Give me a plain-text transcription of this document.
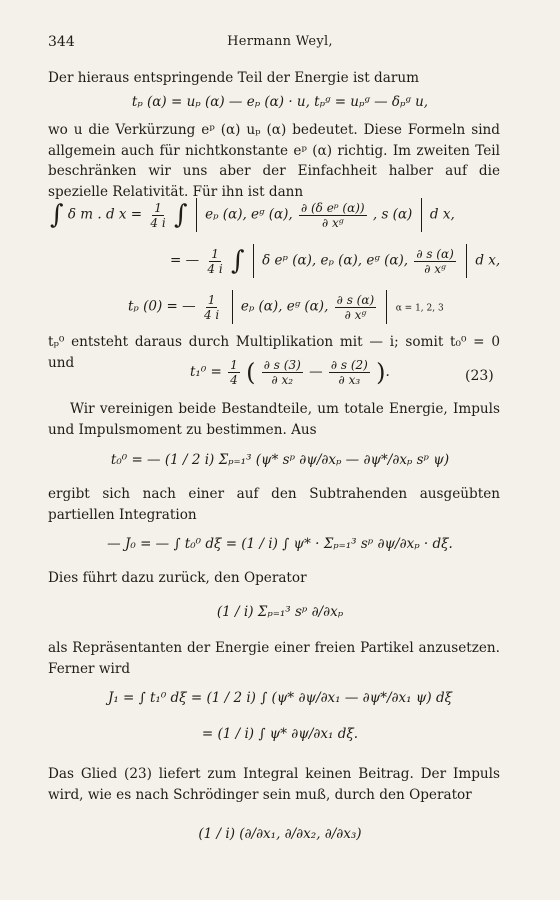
344	Hermann Weyl,
Der hieraus entspringende Teil der Energie ist darum
tₚ (α) = uₚ (α) — eₚ (α) · u, tₚᵍ = uₚᵍ — δₚᵍ u,
wo u die Verkürzung eᵖ (α) uₚ (α) bedeutet. Diese Formeln sind allgemein auch für nichtkonstante eᵖ (α) richtig. Im zweiten Teil beschränken wir uns aber der Einfachheit halber auf die spezielle Relativität. Für ihn ist dann
∫ δ m . d $x = \frac{1}{4 i}$ ∫ eₚ (α), eᵍ (α), $\frac{\text{∂ (δ eᵖ (α))}}{\text{∂ xᵍ}}$ , s (α) d x,
= — $\frac{1}{4 i}$ ∫ δ eᵖ (α), eₚ (α), eᵍ (α), $\frac{\partial s (\alpha)}{\text{∂ xᵍ}}$ d x,
tₚ (0) = — $\frac{1}{4 i}$ eₚ (α), eᵍ (α), $\frac{\partial s (\alpha)}{\text{∂ xᵍ}}$ α = 1, 2, 3
tₚ⁰ entsteht daraus durch Multiplikation mit — i; somit t₀⁰ = 0 und
$t_1^0 = \frac{1}{4}$ ( $\frac{\partial s (3)}{\text{∂ x₂}}$ — $\frac{\partial s (2)}{\text{∂ x₃}}$ ).	(23)
Wir vereinigen beide Bestandteile, um totale Energie, Impuls und Impulsmoment zu bestimmen. Aus
t₀⁰ = — (1 / 2 i) Σₚ₌₁³ (ψ* sᵖ ∂ψ/∂xₚ — ∂ψ*/∂xₚ sᵖ ψ)
ergibt sich nach einer auf den Subtrahenden ausgeübten partiellen Integration
— J₀ = — ∫ t₀⁰ dξ = (1 / i) ∫ ψ* · Σₚ₌₁³ sᵖ ∂ψ/∂xₚ · dξ.
Dies führt dazu zurück, den Operator
(1 / i) Σₚ₌₁³ sᵖ ∂/∂xₚ
als Repräsentanten der Energie einer freien Partikel anzusetzen. Ferner wird
J₁ = ∫ t₁⁰ dξ = (1 / 2 i) ∫ (ψ* ∂ψ/∂x₁ — ∂ψ*/∂x₁ ψ) dξ
= (1 / i) ∫ ψ* ∂ψ/∂x₁ dξ.
Das Glied (23) liefert zum Integral keinen Beitrag. Der Impuls wird, wie es nach Schrödinger sein muß, durch den Operator
(1 / i) (∂/∂x₁, ∂/∂x₂, ∂/∂x₃)
